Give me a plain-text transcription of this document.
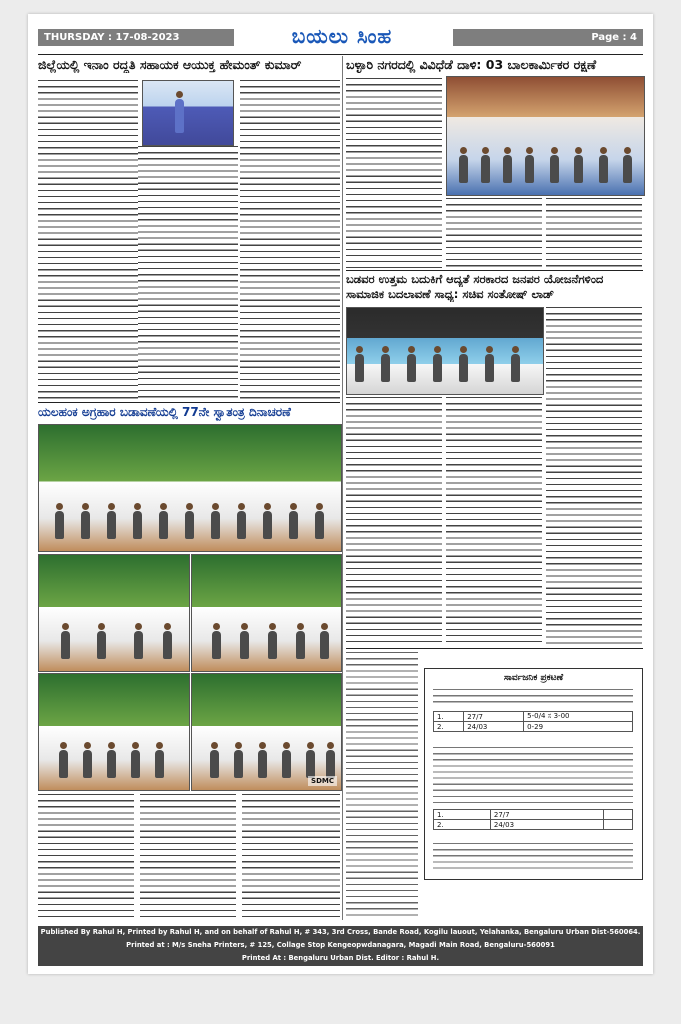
THURSDAY : 17-08-2023	ಬಯಲು ಸಿಂಹ	Page : 4
ಜಿಲ್ಲೆಯಲ್ಲಿ ಇನಾಂ ರದ್ದತಿ ಸಹಾಯಕ ಆಯುಕ್ತ ಹೇಮಂತ್ ಕುಮಾರ್	ಬಳ್ಳಾರಿ ನಗರದಲ್ಲಿ ವಿವಿಧೆಡೆ ದಾಳಿ: 03 ಬಾಲಕಾರ್ಮಿಕರ ರಕ್ಷಣೆ
ಬಡವರ ಉತ್ತಮ ಬದುಕಿಗೆ ಆದ್ಯತೆ ಸರಕಾರದ ಜನಪರ ಯೋಜನೆಗಳಿಂದ
ಸಾಮಾಜಿಕ ಬದಲಾವಣೆ ಸಾಧ್ಯ: ಸಚಿವ ಸಂತೋಷ್ ಲಾಡ್
ಯಲಹಂಕ ಅಗ್ರಹಾರ ಬಡಾವಣೆಯಲ್ಲಿ 77ನೇ ಸ್ವಾತಂತ್ರ ದಿನಾಚರಣೆ
SDMC
ಸಾರ್ವಜನಿಕ ಪ್ರಕಟಣೆ
1.	27/7	5-0/4 ಸ 3-00
2.	24/03	0-29
1.	27/7	
2.	24/03	
Published By Rahul H, Printed by Rahul H, and on behalf of Rahul H, # 343, 3rd Cross, Bande Road, Kogilu lauout, Yelahanka, Bengaluru Urban Dist-560064.
Printed at : M/s Sneha Printers, # 125, Collage Stop Kengeopwdanagara, Magadi Main Road, Bengaluru-560091
Printed At : Bengaluru Urban Dist. Editor : Rahul H.
